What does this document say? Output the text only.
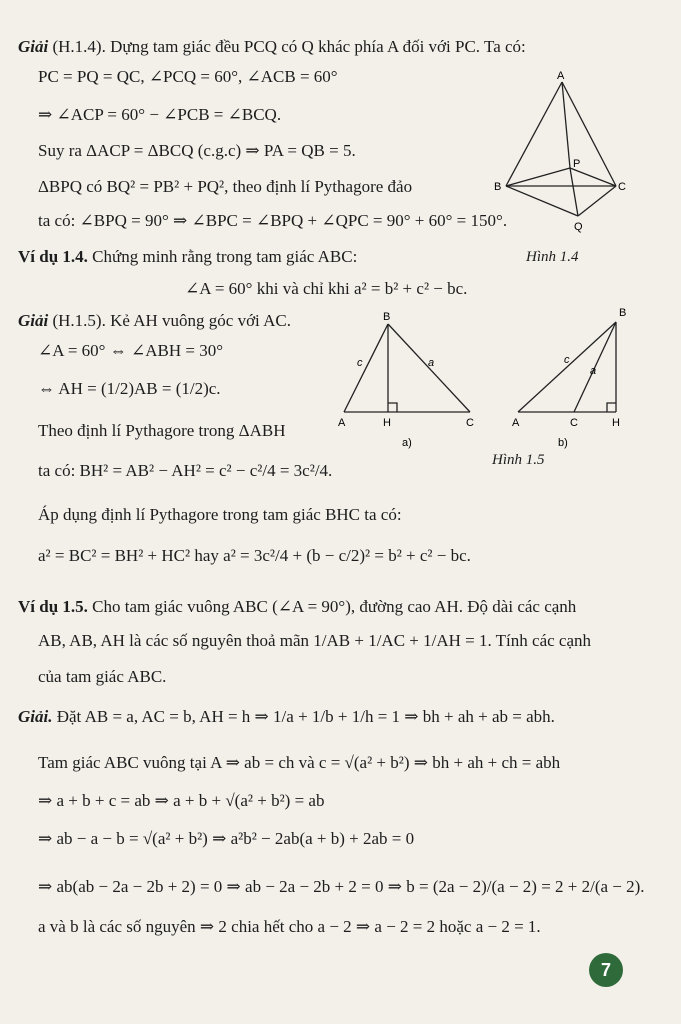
Giải (H.1.4). Dựng tam giác đều PCQ có Q khác phía A đối với PC. Ta có:
PC = PQ = QC, ∠PCQ = 60°, ∠ACB = 60°
⇒ ∠ACP = 60° − ∠PCB = ∠BCQ.
Suy ra ΔACP = ΔBCQ (c.g.c) ⇒ PA = QB = 5.
ΔBPQ có BQ² = PB² + PQ², theo định lí Pythagore đảo
ta có: ∠BPQ = 90° ⇒ ∠BPC = ∠BPQ + ∠QPC = 90° + 60° = 150°.
Ví dụ 1.4. Chứng minh rằng trong tam giác ABC:	Hình 1.4
∠A = 60° khi và chỉ khi a² = b² + c² − bc.
Giải (H.1.5). Kẻ AH vuông góc với AC.
∠A = 60° ⇔ ∠ABH = 30°
⇔ AH = (1/2)AB = (1/2)c.
Theo định lí Pythagore trong ΔABH
ta có: BH² = AB² − AH² = c² − c²/4 = 3c²/4.
Hình 1.5
Áp dụng định lí Pythagore trong tam giác BHC ta có:
a² = BC² = BH² + HC² hay a² = 3c²/4 + (b − c/2)² = b² + c² − bc.
Ví dụ 1.5. Cho tam giác vuông ABC (∠A = 90°), đường cao AH. Độ dài các cạnh
AB, AB, AH là các số nguyên thoả mãn 1/AB + 1/AC + 1/AH = 1. Tính các cạnh
của tam giác ABC.
Giải. Đặt AB = a, AC = b, AH = h ⇒ 1/a + 1/b + 1/h = 1 ⇒ bh + ah + ab = abh.
Tam giác ABC vuông tại A ⇒ ab = ch và c = √(a² + b²) ⇒ bh + ah + ch = abh
⇒ a + b + c = ab ⇒ a + b + √(a² + b²) = ab
⇒ ab − a − b = √(a² + b²) ⇒ a²b² − 2ab(a + b) + 2ab = 0
⇒ ab(ab − 2a − 2b + 2) = 0 ⇒ ab − 2a − 2b + 2 = 0 ⇒ b = (2a − 2)/(a − 2) = 2 + 2/(a − 2).
a và b là các số nguyên ⇒ 2 chia hết cho a − 2 ⇒ a − 2 = 2 hoặc a − 2 = 1.
A
B	C
P
Q
B
A	H	C
c	a
a)
B
A	C	H
c
a
b)
7
